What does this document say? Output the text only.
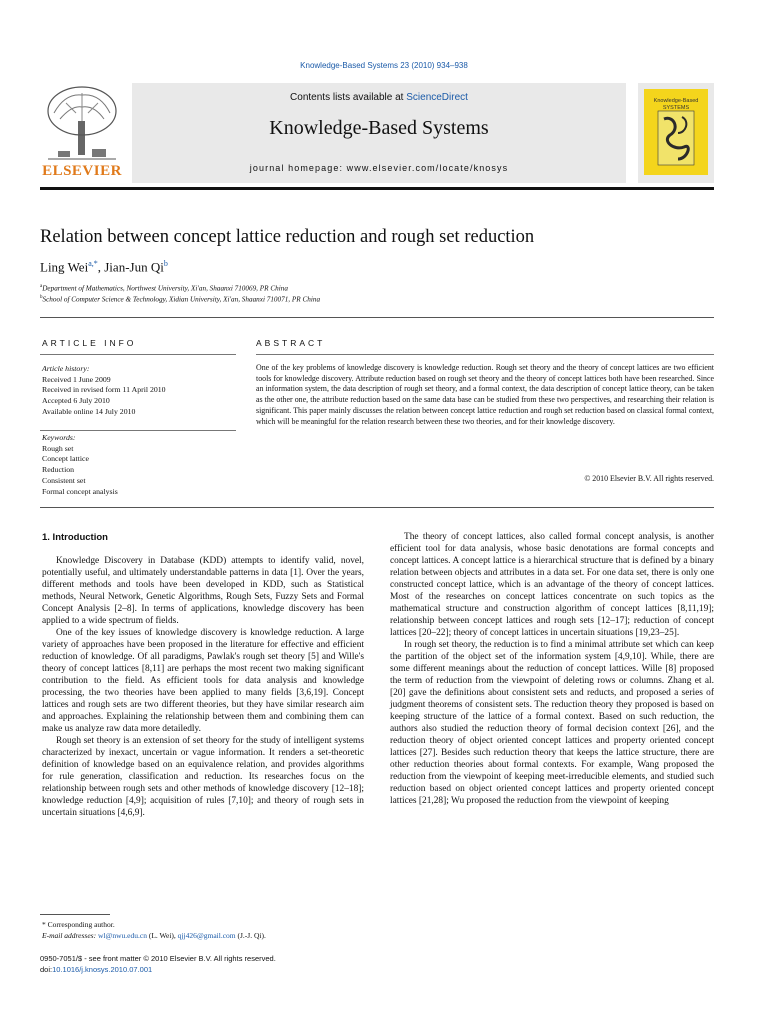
Knowledge-Based Systems 23 (2010) 934–938
ELSEVIER
Contents lists available at ScienceDirect
Knowledge-Based Systems
journal homepage: www.elsevier.com/locate/knosys
Knowledge-Based SYSTEMS
Relation between concept lattice reduction and rough set reduction
Ling Wei$^{a,*}$, Jian-Jun Qi$^b$
$^a$Department of Mathematics, Northwest University, Xi'an, Shaanxi 710069, PR China
$^b$School of Computer Science & Technology, Xidian University, Xi'an, Shaanxi 710071, PR China
ARTICLE INFO	ABSTRACT
Article history:
Received 1 June 2009
Received in revised form 11 April 2010
Accepted 6 July 2010
Available online 14 July 2010
Keywords:
Rough set
Concept lattice
Reduction
Consistent set
Formal concept analysis
One of the key problems of knowledge discovery is knowledge reduction. Rough set theory and the theory of concept lattices are two efficient tools for knowledge discovery. Attribute reduction based on rough set theory and the theory of concept lattices both have been researched. Since an information system, the data description of rough set theory, and a formal context, the data description of concept lattice theory, can be taken as the other one, the attribute reduction based on the same data base can be studied from these two perspectives, and researching their relation is significant. This paper mainly discusses the relation between concept lattice reduction and rough set reduction based on classical formal context, which will be meaningful for the relation research between these two theories, and for their knowledge discovery.
© 2010 Elsevier B.V. All rights reserved.
1. Introduction

Knowledge Discovery in Database (KDD) attempts to identify valid, novel, potentially useful, and ultimately understandable patterns in data [1]. Over the years, different methods and tools have been developed in KDD, such as Statistical methods, Neural Network, Genetic Algorithms, Rough Sets, Fuzzy Sets and Formal Concept Analysis [2–8]. In terms of applications, knowledge discovery has been applied to a wide spectrum of fields.

One of the key issues of knowledge discovery is knowledge reduction. A large variety of approaches have been proposed in the literature for effective and efficient reduction of knowledge. Of all paradigms, Pawlak's rough set theory [5] and Wille's theory of concept lattices [8,11] are perhaps the most recent two making significant contribution to the field. As efficient tools for data analysis and knowledge processing, the two theories have been applied to many fields [3,6,19]. Concept lattices and rough sets are two different theories, but they have similar research aim and approaches. Explaining the relationship between them and combining them can make us analyze raw data more detailedly.

Rough set theory is an extension of set theory for the study of intelligent systems characterized by inexact, uncertain or vague information. It renders a set-theoretic definition of knowledge based on an equivalence relation, and provides algorithms for rule generation, classification and reduction. Its researches focus on the relationship between rough sets and other methods of knowledge discovery [12–18]; knowledge reduction [4,9]; acquisition of rules [7,10]; and theory of rough sets in uncertain situations [4,6,9].

The theory of concept lattices, also called formal concept analysis, is another efficient tool for data analysis, whose basic denotations are formal concepts and concept lattices. A concept lattice is a hierarchical structure that is defined by a binary relation between objects and attributes in a data set. For one data set, there is only one constructed concept lattice, which is an advantage of the theory of concept lattices. Most of the researches on concept lattices concentrate on such topics as the mathematical structure and construction algorithm of concept lattices [8,11,19]; relationship between concept lattices and rough sets [12–17]; reduction of concept lattices [20–22]; theory of concept lattices in uncertain situations [19,23–25].

In rough set theory, the reduction is to find a minimal attribute set which can keep the partition of the object set of the information system [4,9,10]. While, there are some different meanings about the reduction of concept lattices. Wille [8] proposed the term of reduction from the viewpoint of deleting rows or columns. Zhang et al. [20] gave the definitions about consistent sets and reducts, and proposed a series of judgment theorems of consistent sets. The reduction theory they proposed is based on keeping structure of the lattice of a formal context. Based on such reduction, the authors also studied the reduction theory of formal decision context [26], and the reduction theory of object oriented concept lattices and property oriented concept lattices [27]. Besides such reduction theory that keeps the lattice structure, there are other reduction theories about formal contexts. For example, Wang proposed the reduction from the viewpoint of keeping meet-irreducible elements, and studied such reduction based on object oriented concept lattices and property oriented concept lattices [21,28]; Wu proposed the reduction from the viewpoint of keeping

* Corresponding author.
E-mail addresses: wl@nwu.edu.cn (L. Wei), qjj426@gmail.com (J.-J. Qi).
0950-7051/$ - see front matter © 2010 Elsevier B.V. All rights reserved.
doi:10.1016/j.knosys.2010.07.001
